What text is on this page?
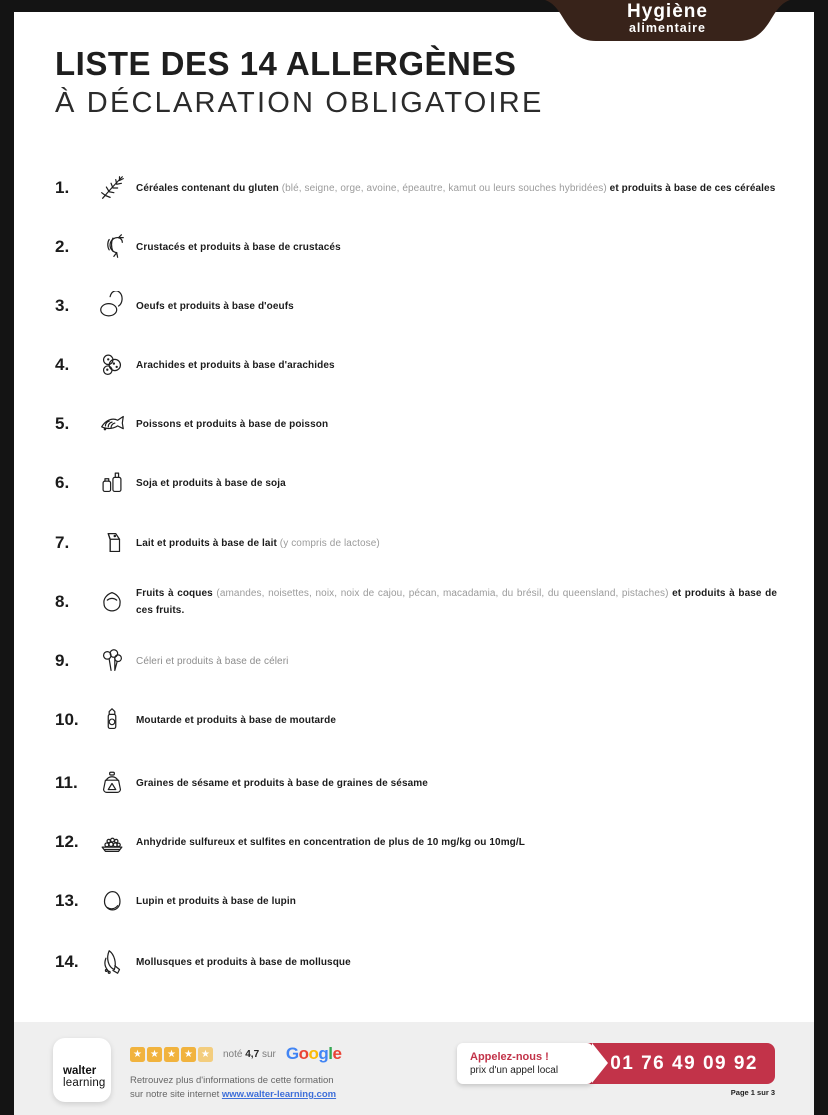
LISTE DES 14 ALLERGÈNES
À DÉCLARATION OBLIGATOIRE
1.	Céréales contenant du gluten (blé, seigne, orge, avoine, épeautre, kamut ou leurs souches hybridées) et produits à base de ces céréales
2.	Crustacés et produits à base de crustacés
3.	Oeufs et produits à base d'oeufs
4.	Arachides et produits à base d'arachides
5.	Poissons et produits à base de poisson
6.	Soja et produits à base de soja
7.	Lait et produits à base de lait (y compris de lactose)
8.	Fruits à coques (amandes, noisettes, noix, noix de cajou, pécan, macadamia, du brésil, du queensland, pistaches) et produits à base de ces fruits.
9.	Céleri et produits à base de céleri
10.	Moutarde et produits à base de moutarde
11.	Graines de sésame et produits à base de graines de sésame
12.	Anhydride sulfureux et sulfites en concentration de plus de 10 mg/kg ou 10mg/L
13.	Lupin et produits à base de lupin
14.	Mollusques et produits à base de mollusque
walter
learning
★ ★ ★ ★ ★	noté 4,7 sur Google
Retrouvez plus d'informations de cette formation
sur notre site internet www.walter-learning.com
01 76 49 09 92
Appelez-nous !
prix d'un appel local
Page 1 sur 3
Hygiène
alimentaire
